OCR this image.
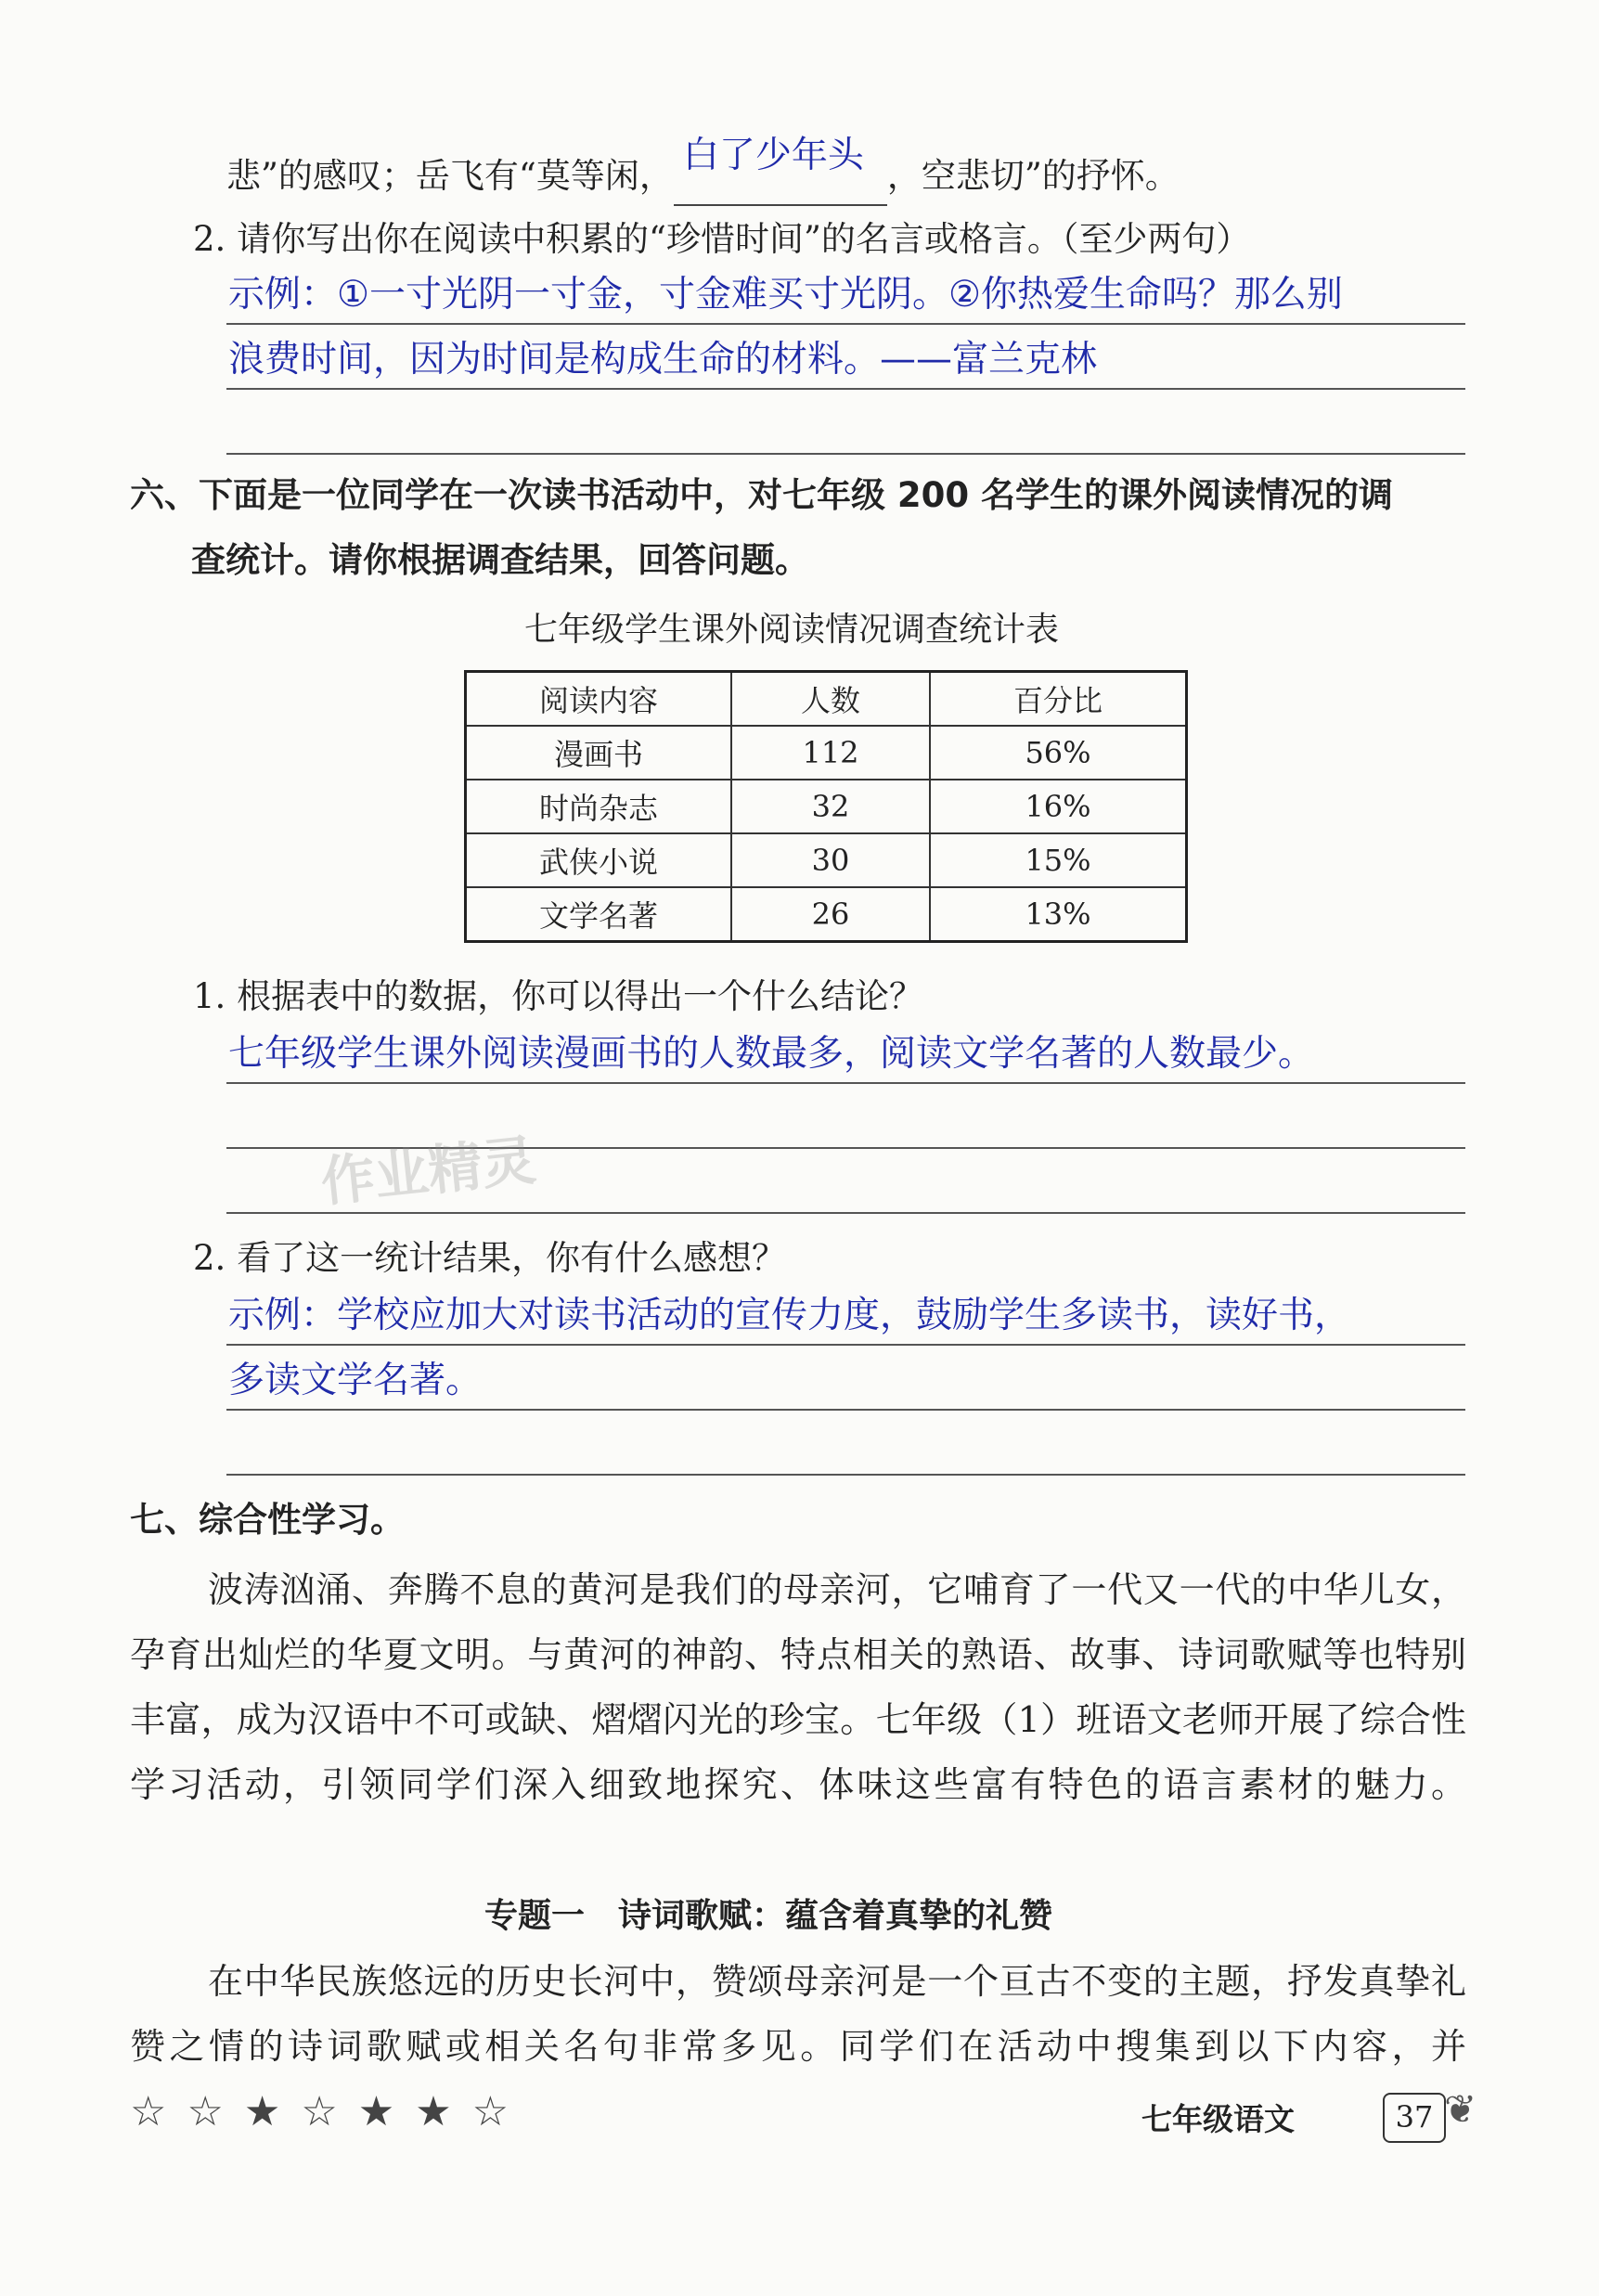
悲”的感叹；岳飞有“莫等闲， 白了少年头 ，空悲切”的抒怀。
2. 请你写出你在阅读中积累的“珍惜时间”的名言或格言。（至少两句）
示例：①一寸光阴一寸金，寸金难买寸光阴。②你热爱生命吗？那么别
浪费时间，因为时间是构成生命的材料。——富兰克林
六、下面是一位同学在一次读书活动中，对七年级 200 名学生的课外阅读情况的调
查统计。请你根据调查结果，回答问题。
七年级学生课外阅读情况调查统计表
阅读内容	人数	百分比
漫画书	112	56%
时尚杂志	32	16%
武侠小说	30	15%
文学名著	26	13%
1. 根据表中的数据，你可以得出一个什么结论？
七年级学生课外阅读漫画书的人数最多，阅读文学名著的人数最少。
2. 看了这一统计结果，你有什么感想？
示例：学校应加大对读书活动的宣传力度，鼓励学生多读书，读好书，
多读文学名著。
七、综合性学习。
波涛汹涌、奔腾不息的黄河是我们的母亲河，它哺育了一代又一代的中华儿女，孕育出灿烂的华夏文明。与黄河的神韵、特点相关的熟语、故事、诗词歌赋等也特别丰富，成为汉语中不可或缺、熠熠闪光的珍宝。七年级（1）班语文老师开展了综合性学习活动，引领同学们深入细致地探究、体味这些富有特色的语言素材的魅力。
专题一　诗词歌赋：蕴含着真挚的礼赞
在中华民族悠远的历史长河中，赞颂母亲河是一个亘古不变的主题，抒发真挚礼赞之情的诗词歌赋或相关名句非常多见。同学们在活动中搜集到以下内容，并
作业精灵
☆☆★☆★★☆	七年级语文	37 ❦
